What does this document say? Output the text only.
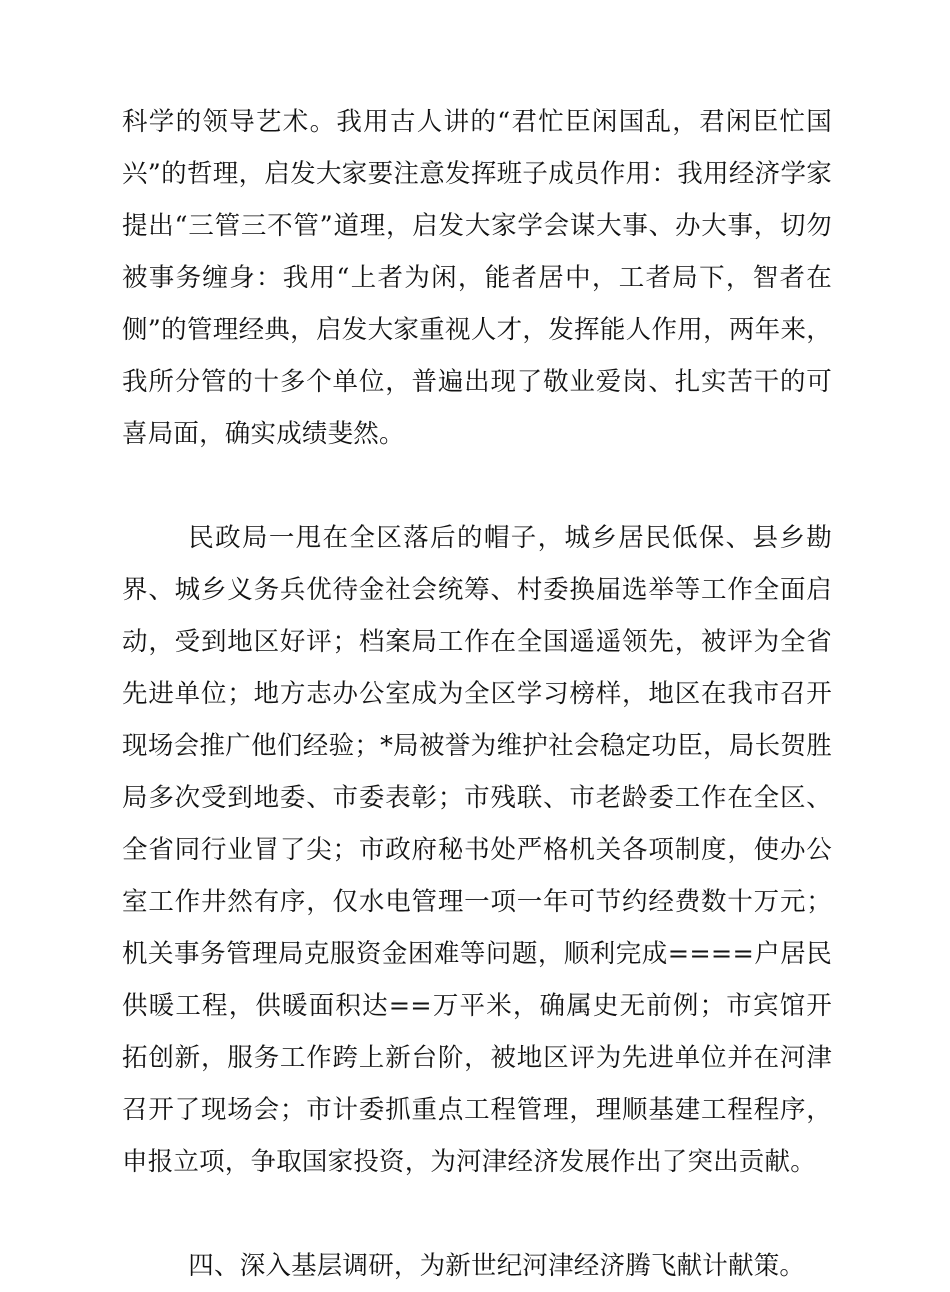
科学的领导艺术。我用古人讲的“君忙臣闲国乱，君闲臣忙国兴”的哲理，启发大家要注意发挥班子成员作用：我用经济学家提出“三管三不管”道理，启发大家学会谋大事、办大事，切勿被事务缠身：我用“上者为闲，能者居中，工者局下，智者在侧”的管理经典，启发大家重视人才，发挥能人作用，两年来，我所分管的十多个单位，普遍出现了敬业爱岗、扎实苦干的可喜局面，确实成绩斐然。

民政局一甩在全区落后的帽子，城乡居民低保、县乡勘界、城乡义务兵优待金社会统筹、村委换届选举等工作全面启动，受到地区好评；档案局工作在全国遥遥领先，被评为全省先进单位；地方志办公室成为全区学习榜样，地区在我市召开现场会推广他们经验；*局被誉为维护社会稳定功臣，局长贺胜局多次受到地委、市委表彰；市残联、市老龄委工作在全区、全省同行业冒了尖；市政府秘书处严格机关各项制度，使办公室工作井然有序，仅水电管理一项一年可节约经费数十万元；机关事务管理局克服资金困难等问题，顺利完成====户居民供暖工程，供暖面积达==万平米，确属史无前例；市宾馆开拓创新，服务工作跨上新台阶，被地区评为先进单位并在河津召开了现场会；市计委抓重点工程管理，理顺基建工程程序，申报立项，争取国家投资，为河津经济发展作出了突出贡献。

四、深入基层调研，为新世纪河津经济腾飞献计献策。
